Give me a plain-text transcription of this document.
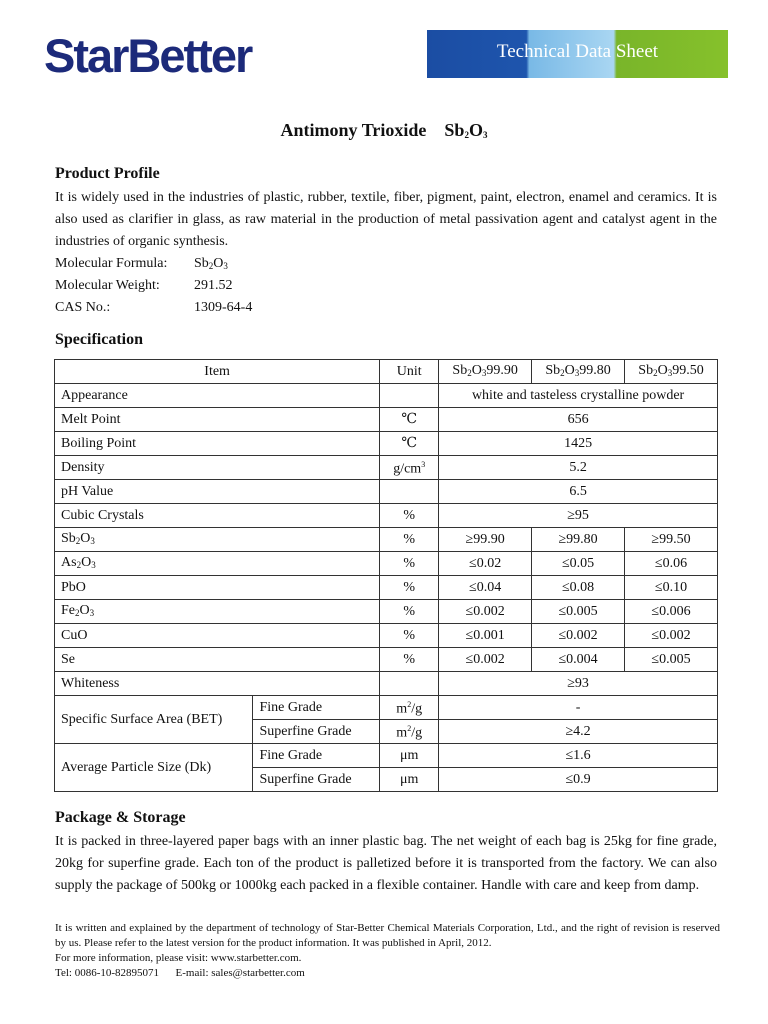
StarBetter	Technical Data Sheet
Antimony Trioxide $Sb_2O_3$
Product Profile

It is widely used in the industries of plastic, rubber, textile, fiber, pigment, paint, electron, enamel and ceramics. It is also used as clarifier in glass, as raw material in the production of metal passivation agent and catalyst agent in the industries of organic synthesis.

Molecular Formula: $Sb_2O_3$
Molecular Weight: 291.52
CAS No.:	1309-64-4
Specification
Item		Unit	$Sb_2O_399.90$	$Sb_2O_399.80$	$Sb_2O_399.50$
Appearance			white and tasteless crystalline powder		
Melt Point		℃	656		
Boiling Point		℃	1425		
Density		$g/cm^3$	5.2		
pH Value			6.5		
Cubic Crystals		%	≥95		
$Sb_2O_3$		%	≥99.90	≥99.80	≥99.50
$As_2O_3$		%	≤0.02	≤0.05	≤0.06
PbO		%	≤0.04	≤0.08	≤0.10
$Fe_2O_3$		%	≤0.002	≤0.005	≤0.006
CuO		%	≤0.001	≤0.002	≤0.002
Se		%	≤0.002	≤0.004	≤0.005
Whiteness			≥93		
Specific Surface Area (BET)	Fine Grade	$m^2/g$	-		
	Superfine Grade	$m^2/g$	≥4.2		
Average Particle Size (Dk)	Fine Grade	μm	≤1.6		
	Superfine Grade	μm	≤0.9		
Package & Storage

It is packed in three-layered paper bags with an inner plastic bag. The net weight of each bag is 25kg for fine grade, 20kg for superfine grade. Each ton of the product is palletized before it is transported from the factory. We can also supply the package of 500kg or 1000kg each packed in a flexible container. Handle with care and keep from damp.

It is written and explained by the department of technology of Star-Better Chemical Materials Corporation, Ltd., and the right of revision is reserved by us. Please refer to the latest version for the product information. It was published in April, 2012.
For more information, please visit: www.starbetter.com.
Tel: 0086-10-82895071 E-mail: sales@starbetter.com
